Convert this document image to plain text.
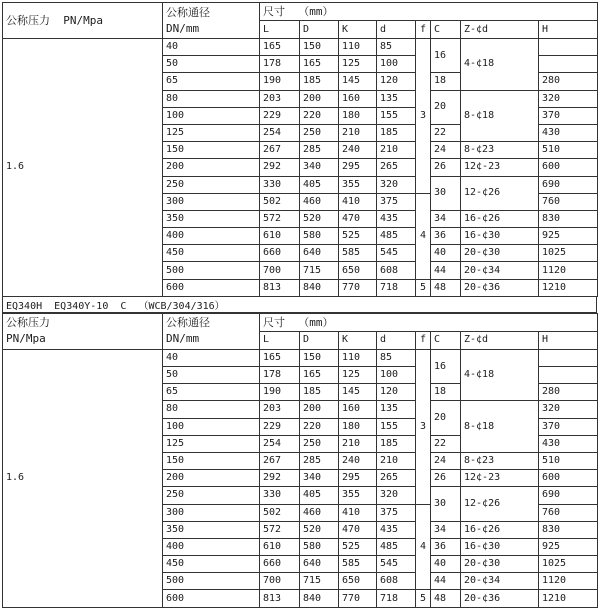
公称压力  PN/Mpa	公称通径
DN/mm	尺寸  （mm）							
		L	D	K	d	f	C	Z-¢d	H
1.6	40	165	150	110	85	3	16	4-¢18	
	50	178	165	125	100				
	65	190	185	145	120		18		280
	80	203	200	160	135		20	8-¢18	320
	100	229	220	180	155				370
	125	254	250	210	185		22		430
	150	267	285	240	210		24	8-¢23	510
	200	292	340	295	265		26	12¢-23	600
	250	330	405	355	320		30	12-¢26	690
	300	502	460	410	375	4			760
	350	572	520	470	435		34	16-¢26	830
	400	610	580	525	485		36	16-¢30	925
	450	660	640	585	545		40	20-¢30	1025
	500	700	715	650	608		44	20-¢34	1120
	600	813	840	770	718	5	48	20-¢36	1210
EQ340H  EQ340Y-10  C  （WCB/304/316）
公称压力
PN/Mpa

公称通径
DN/mm
	尺寸  （mm）
		L	D	K	d	f	C	Z-¢d	H
1.6	40	165	150	110	85	3	16	4-¢18	
	50	178	165	125	100				
	65	190	185	145	120		18		280
	80	203	200	160	135		20	8-¢18	320
	100	229	220	180	155				370
	125	254	250	210	185		22		430
	150	267	285	240	210		24	8-¢23	510
	200	292	340	295	265		26	12¢-23	600
	250	330	405	355	320		30	12-¢26	690
	300	502	460	410	375	4			760
	350	572	520	470	435		34	16-¢26	830
	400	610	580	525	485		36	16-¢30	925
	450	660	640	585	545		40	20-¢30	1025
	500	700	715	650	608		44	20-¢34	1120
	600	813	840	770	718	5	48	20-¢36	1210
